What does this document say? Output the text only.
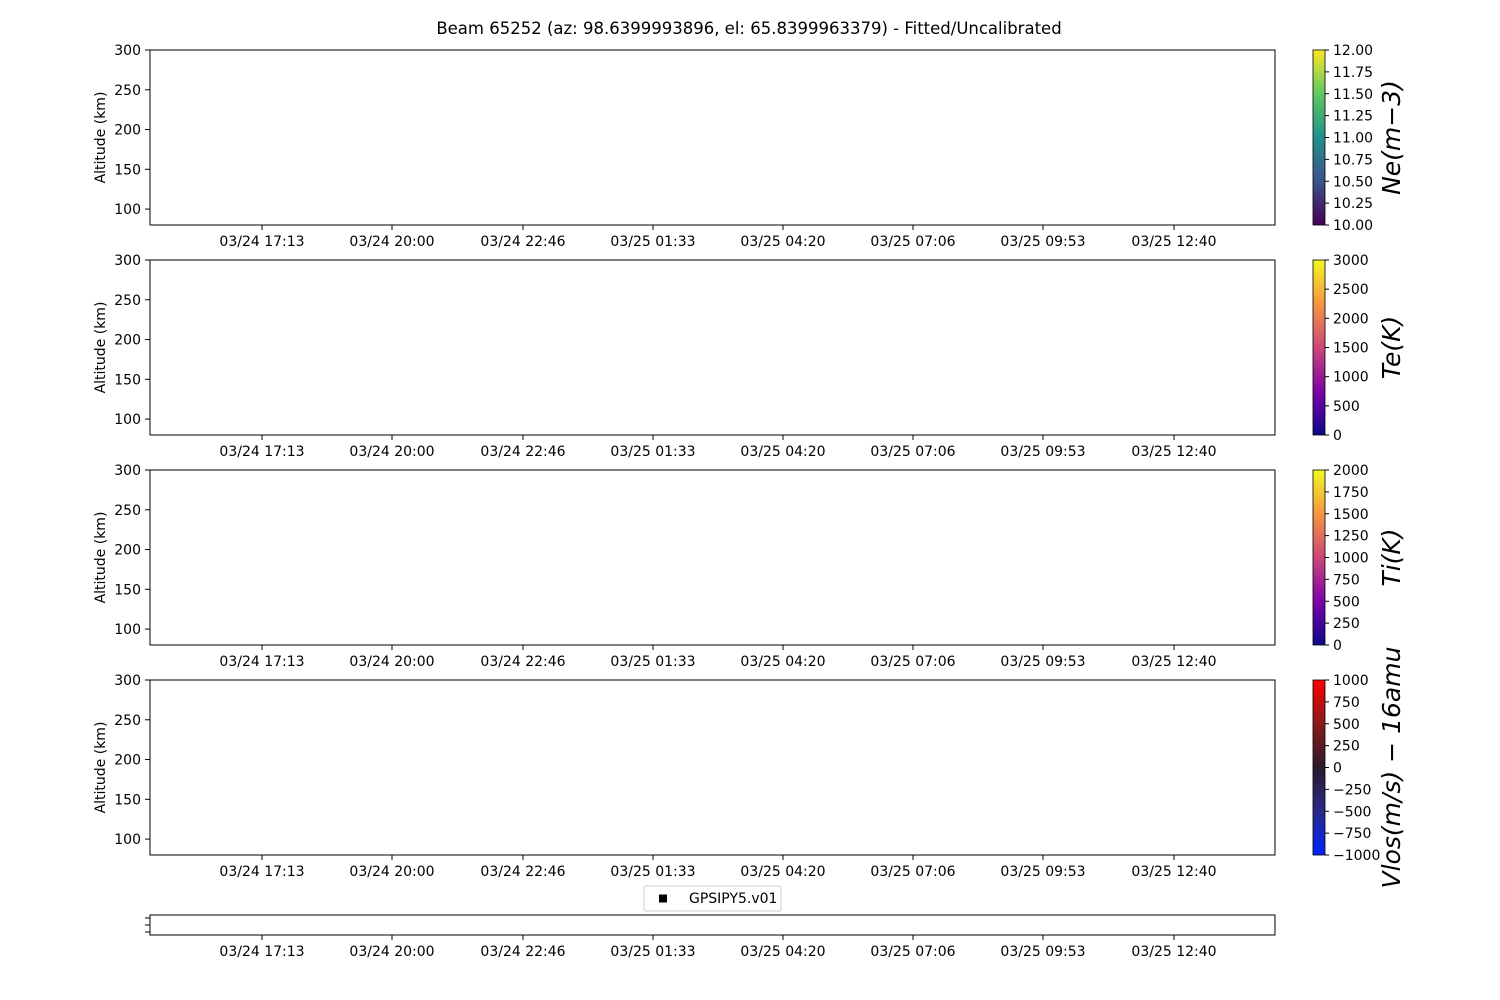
Beam 65252 (az: 98.6399993896, el: 65.8399963379) - Fitted/Uncalibrated
100
150
200
250
300
Altitude (km)
03/24 17:13	03/24 20:00	03/24 22:46	03/25 01:33	03/25 04:20	03/25 07:06	03/25 09:53	03/25 12:40
10.00
10.25
10.50
10.75
11.00
11.25
11.50
11.75
12.00
Ne(m−3)
100
150
200
250
300
Altitude (km)
03/24 17:13	03/24 20:00	03/24 22:46	03/25 01:33	03/25 04:20	03/25 07:06	03/25 09:53	03/25 12:40
0
500
1000
1500
2000
2500
3000
Te(K)
100
150
200
250
300
Altitude (km)
03/24 17:13	03/24 20:00	03/24 22:46	03/25 01:33	03/25 04:20	03/25 07:06	03/25 09:53	03/25 12:40
0
250
500
750
1000
1250
1500
1750
2000
Ti(K)
100
150
200
250
300
Altitude (km)
03/24 17:13	03/24 20:00	03/24 22:46	03/25 01:33	03/25 04:20	03/25 07:06	03/25 09:53	03/25 12:40
−1000
−750
−500
−250
0
250
500
750
1000 Vlos(m/s) − 16amu
GPSIPY5.v01
03/24 17:13	03/24 20:00	03/24 22:46	03/25 01:33	03/25 04:20	03/25 07:06	03/25 09:53	03/25 12:40
